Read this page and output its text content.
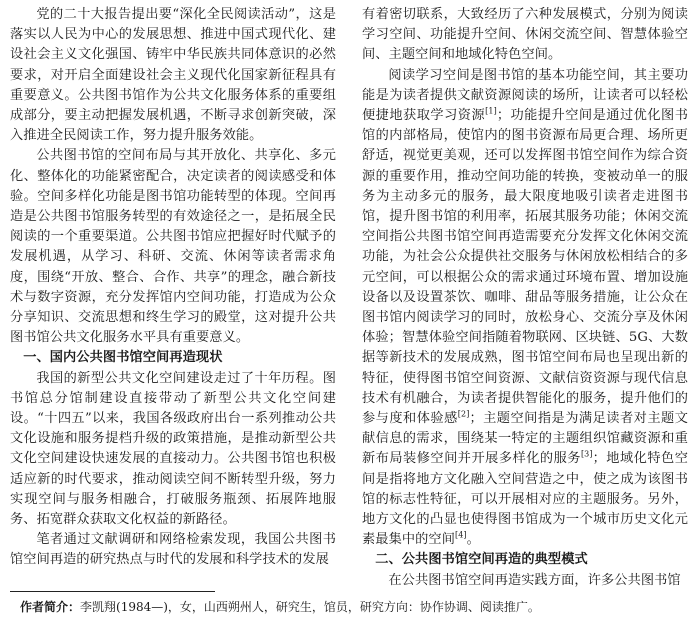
党的二十大报告提出要“深化全民阅读活动”，这是落实以人民为中心的发展思想、推进中国式现代化、建设社会主义文化强国、铸牢中华民族共同体意识的必然要求，对开启全面建设社会主义现代化国家新征程具有重要意义。公共图书馆作为公共文化服务体系的重要组成部分，要主动把握发展机遇，不断寻求创新突破，深入推进全民阅读工作，努力提升服务效能。

公共图书馆的空间布局与其开放化、共享化、多元化、整体化的功能紧密配合，决定读者的阅读感受和体验。空间多样化功能是图书馆功能转型的体现。空间再造是公共图书馆服务转型的有效途径之一，是拓展全民阅读的一个重要渠道。公共图书馆应把握好时代赋予的发展机遇，从学习、科研、交流、休闲等读者需求角度，围绕“开放、整合、合作、共享”的理念，融合新技术与数字资源，充分发挥馆内空间功能，打造成为公众分享知识、交流思想和终生学习的殿堂，这对提升公共图书馆公共文化服务水平具有重要意义。

一、国内公共图书馆空间再造现状

我国的新型公共文化空间建设走过了十年历程。图书馆总分馆制建设直接带动了新型公共文化空间建设。“十四五”以来，我国各级政府出台一系列推动公共文化设施和服务提档升级的政策措施，是推动新型公共文化空间建设快速发展的直接动力。公共图书馆也积极适应新的时代要求，推动阅读空间不断转型升级，努力实现空间与服务相融合，打破服务瓶颈、拓展阵地服务、拓宽群众获取文化权益的新路径。

笔者通过文献调研和网络检索发现，我国公共图书馆空间再造的研究热点与时代的发展和科学技术的发展

有着密切联系，大致经历了六种发展模式，分别为阅读学习空间、功能提升空间、休闲交流空间、智慧体验空间、主题空间和地域化特色空间。

阅读学习空间是图书馆的基本功能空间，其主要功能是为读者提供文献资源阅读的场所，让读者可以轻松便捷地获取学习资源[1]；功能提升空间是通过优化图书馆的内部格局，使馆内的图书资源布局更合理、场所更舒适，视觉更美观，还可以发挥图书馆空间作为综合资源的重要作用，推动空间功能的转换，变被动单一的服务为主动多元的服务，最大限度地吸引读者走进图书馆，提升图书馆的利用率，拓展其服务功能；休闲交流空间指公共图书馆空间再造需要充分发挥文化休闲交流功能，为社会公众提供社交服务与休闲放松相结合的多元空间，可以根据公众的需求通过环境布置、增加设施设备以及设置茶饮、咖啡、甜品等服务措施，让公众在图书馆内阅读学习的同时，放松身心、交流分享及休闲体验；智慧体验空间指随着物联网、区块链、5G、大数据等新技术的发展成熟，图书馆空间布局也呈现出新的特征，使得图书馆空间资源、文献信资资源与现代信息技术有机融合，为读者提供智能化的服务，提升他们的参与度和体验感[2]；主题空间指是为满足读者对主题文献信息的需求，围绕某一特定的主题组织馆藏资源和重新布局装修空间并开展多样化的服务[3]；地域化特色空间是指将地方文化融入空间营造之中，使之成为该图书馆的标志性特征，可以开展相对应的主题服务。另外，地方文化的凸显也使得图书馆成为一个城市历史文化元素最集中的空间[4]。

二、公共图书馆空间再造的典型模式

在公共图书馆空间再造实践方面，许多公共图书馆

作者简介：李凯翔(1984—)，女，山西朔州人，研究生，馆员，研究方向：协作协调、阅读推广。
